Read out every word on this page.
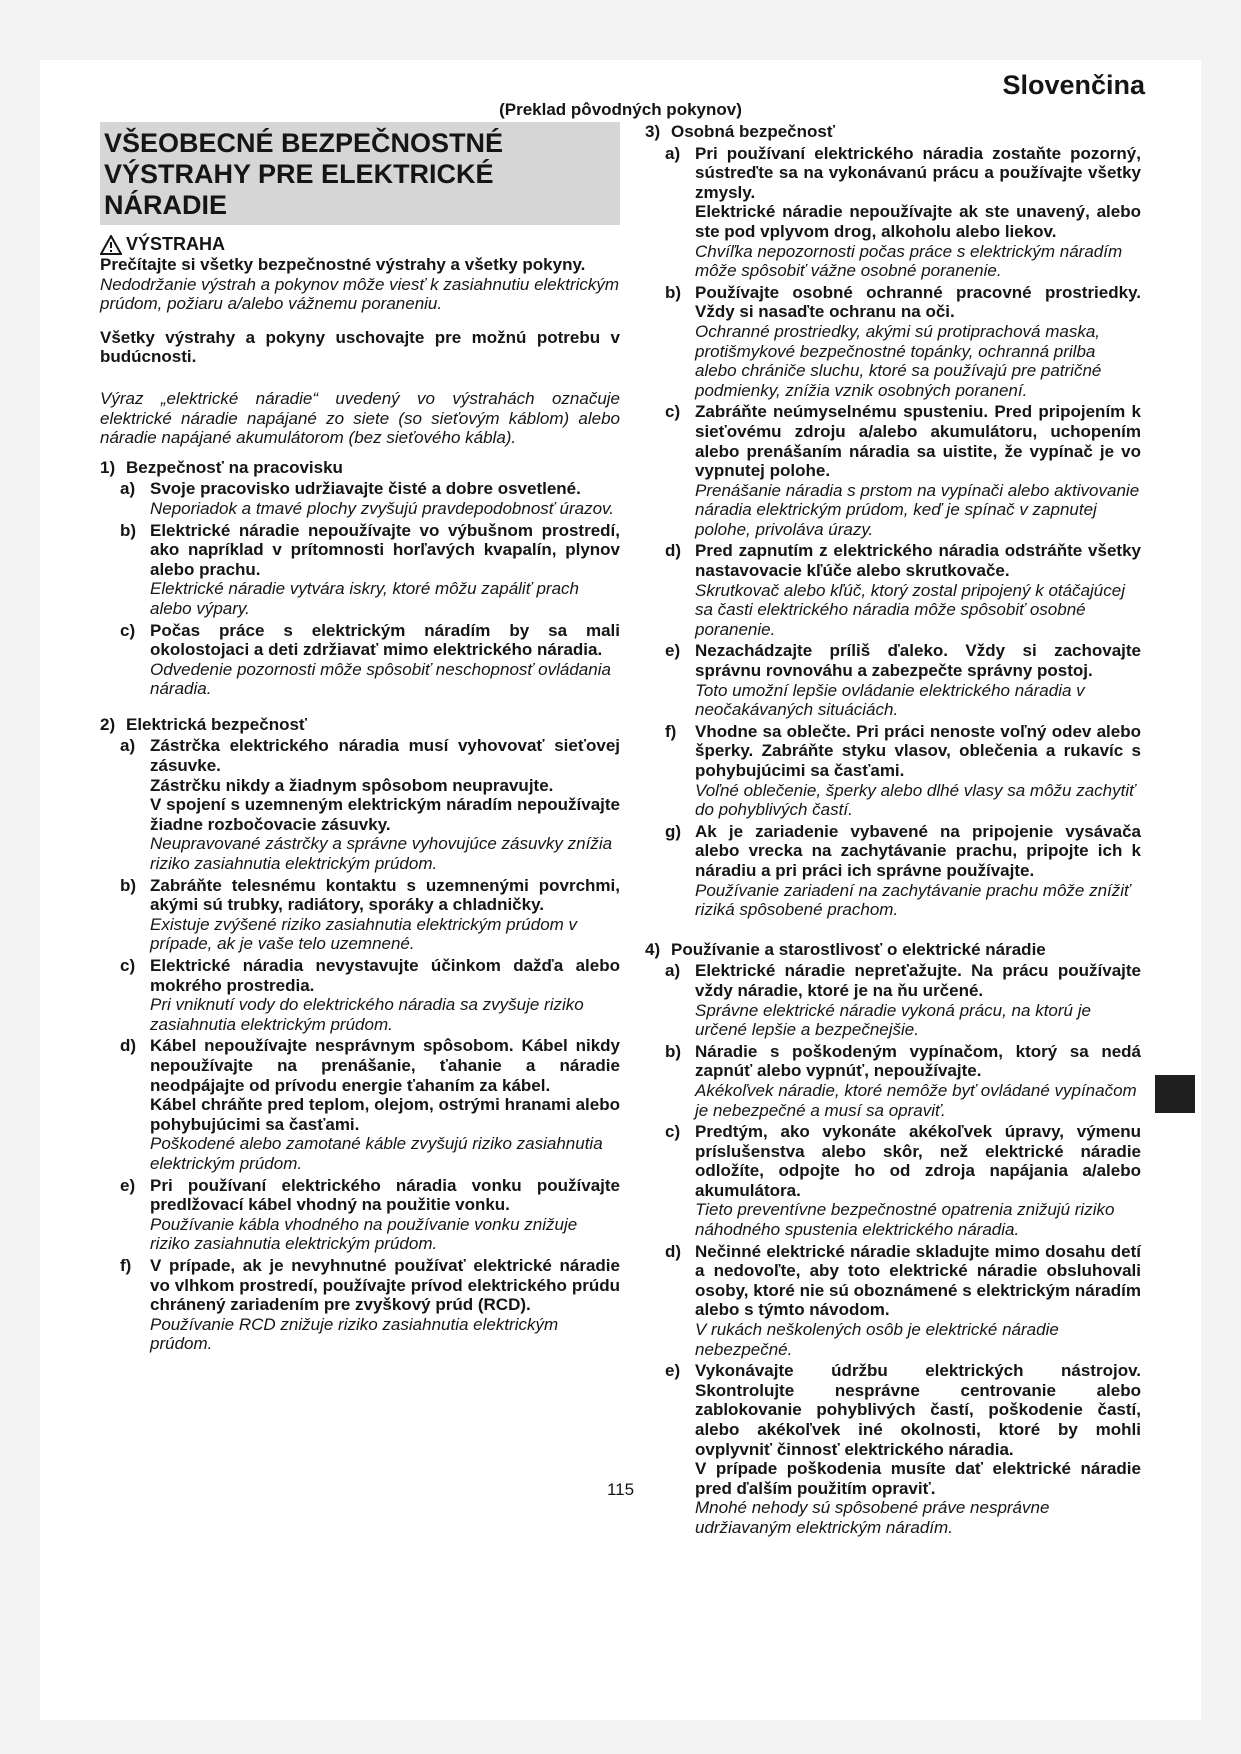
Slovenčina
(Preklad pôvodných pokynov)
VŠEOBECNÉ BEZPEČNOSTNÉ VÝSTRAHY PRE ELEKTRICKÉ NÁRADIE
VÝSTRAHA
Prečítajte si všetky bezpečnostné výstrahy a všetky pokyny.
Nedodržanie výstrah a pokynov môže viesť k zasiahnutiu elektrickým prúdom, požiaru a/alebo vážnemu poraneniu.
Všetky výstrahy a pokyny uschovajte pre možnú potrebu v budúcnosti.
Výraz „elektrické náradie“ uvedený vo výstrahách označuje elektrické náradie napájané zo siete (so sieťovým káblom) alebo náradie napájané akumulátorom (bez sieťového kábla).
1) Bezpečnosť na pracovisku
a) Svoje pracovisko udržiavajte čisté a dobre osvetlené.

Neporiadok a tmavé plochy zvyšujú pravdepodobnosť úrazov.

b) Elektrické náradie nepoužívajte vo výbušnom prostredí, ako napríklad v prítomnosti horľavých kvapalín, plynov alebo prachu.

Elektrické náradie vytvára iskry, ktoré môžu zapáliť prach alebo výpary.

c) Počas práce s elektrickým náradím by sa mali okolostojaci a deti zdržiavať mimo elektrického náradia.

Odvedenie pozornosti môže spôsobiť neschopnosť ovládania náradia.

2) Elektrická bezpečnosť
a) Zástrčka elektrického náradia musí vyhovovať sieťovej zásuvke.

Zástrčku nikdy a žiadnym spôsobom neupravujte.

V spojení s uzemneným elektrickým náradím nepoužívajte žiadne rozbočovacie zásuvky.

Neupravované zástrčky a správne vyhovujúce zásuvky znížia riziko zasiahnutia elektrickým prúdom.

b) Zabráňte telesnému kontaktu s uzemnenými povrchmi, akými sú trubky, radiátory, sporáky a chladničky.

Existuje zvýšené riziko zasiahnutia elektrickým prúdom v prípade, ak je vaše telo uzemnené.

c) Elektrické náradia nevystavujte účinkom dažďa alebo mokrého prostredia.

Pri vniknutí vody do elektrického náradia sa zvyšuje riziko zasiahnutia elektrickým prúdom.

d) Kábel nepoužívajte nesprávnym spôsobom. Kábel nikdy nepoužívajte na prenášanie, ťahanie a náradie neodpájajte od prívodu energie ťahaním za kábel.

Kábel chráňte pred teplom, olejom, ostrými hranami alebo pohybujúcimi sa časťami.

Poškodené alebo zamotané káble zvyšujú riziko zasiahnutia elektrickým prúdom.

e) Pri používaní elektrického náradia vonku používajte predlžovací kábel vhodný na použitie vonku.

Používanie kábla vhodného na používanie vonku znižuje riziko zasiahnutia elektrickým prúdom.

f)	V prípade, ak je nevyhnutné používať elektrické náradie vo vlhkom prostredí, používajte prívod elektrického prúdu chránený zariadením pre zvyškový prúd (RCD).

Používanie RCD znižuje riziko zasiahnutia elektrickým prúdom.

3) Osobná bezpečnosť
a) Pri používaní elektrického náradia zostaňte pozorný, sústreďte sa na vykonávanú prácu a používajte všetky zmysly.

Elektrické náradie nepoužívajte ak ste unavený, alebo ste pod vplyvom drog, alkoholu alebo liekov.

Chvíľka nepozornosti počas práce s elektrickým náradím môže spôsobiť vážne osobné poranenie.

b) Používajte osobné ochranné pracovné prostriedky. Vždy si nasaďte ochranu na oči.

Ochranné prostriedky, akými sú protiprachová maska, protišmykové bezpečnostné topánky, ochranná prilba alebo chrániče sluchu, ktoré sa používajú pre patričné podmienky, znížia vznik osobných poranení.

c) Zabráňte neúmyselnému spusteniu. Pred pripojením k sieťovému zdroju a/alebo akumulátoru, uchopením alebo prenášaním náradia sa uistite, že vypínač je vo vypnutej polohe.

Prenášanie náradia s prstom na vypínači alebo aktivovanie náradia elektrickým prúdom, keď je spínač v zapnutej polohe, privoláva úrazy.

d) Pred zapnutím z elektrického náradia odstráňte všetky nastavovacie kľúče alebo skrutkovače.

Skrutkovač alebo kľúč, ktorý zostal pripojený k otáčajúcej sa časti elektrického náradia môže spôsobiť osobné poranenie.

e) Nezachádzajte príliš ďaleko. Vždy si zachovajte správnu rovnováhu a zabezpečte správny postoj.

Toto umožní lepšie ovládanie elektrického náradia v neočakávaných situáciách.

f)	Vhodne sa oblečte. Pri práci nenoste voľný odev alebo šperky. Zabráňte styku vlasov, oblečenia a rukavíc s pohybujúcimi sa časťami.

Voľné oblečenie, šperky alebo dlhé vlasy sa môžu zachytiť do pohyblivých častí.

g) Ak je zariadenie vybavené na pripojenie vysávača alebo vrecka na zachytávanie prachu, pripojte ich k náradiu a pri práci ich správne používajte.

Používanie zariadení na zachytávanie prachu môže znížiť riziká spôsobené prachom.

4) Používanie a starostlivosť o elektrické náradie
a) Elektrické náradie nepreťažujte. Na prácu používajte vždy náradie, ktoré je na ňu určené.

Správne elektrické náradie vykoná prácu, na ktorú je určené lepšie a bezpečnejšie.

b) Náradie s poškodeným vypínačom, ktorý sa nedá zapnúť alebo vypnúť, nepoužívajte.

Akékoľvek náradie, ktoré nemôže byť ovládané vypínačom je nebezpečné a musí sa opraviť.

c) Predtým, ako vykonáte akékoľvek úpravy, výmenu príslušenstva alebo skôr, než elektrické náradie odložíte, odpojte ho od zdroja napájania a/alebo akumulátora.

Tieto preventívne bezpečnostné opatrenia znižujú riziko náhodného spustenia elektrického náradia.

d) Nečinné elektrické náradie skladujte mimo dosahu detí a nedovoľte, aby toto elektrické náradie obsluhovali osoby, ktoré nie sú oboznámené s elektrickým náradím alebo s týmto návodom.

V rukách neškolených osôb je elektrické náradie nebezpečné.

e) Vykonávajte údržbu elektrických nástrojov. Skontrolujte nesprávne centrovanie alebo zablokovanie pohyblivých častí, poškodenie častí, alebo akékoľvek iné okolnosti, ktoré by mohli ovplyvniť činnosť elektrického náradia.

V prípade poškodenia musíte dať elektrické náradie pred ďalším použitím opraviť.

Mnohé nehody sú spôsobené práve nesprávne udržiavaným elektrickým náradím.

115
